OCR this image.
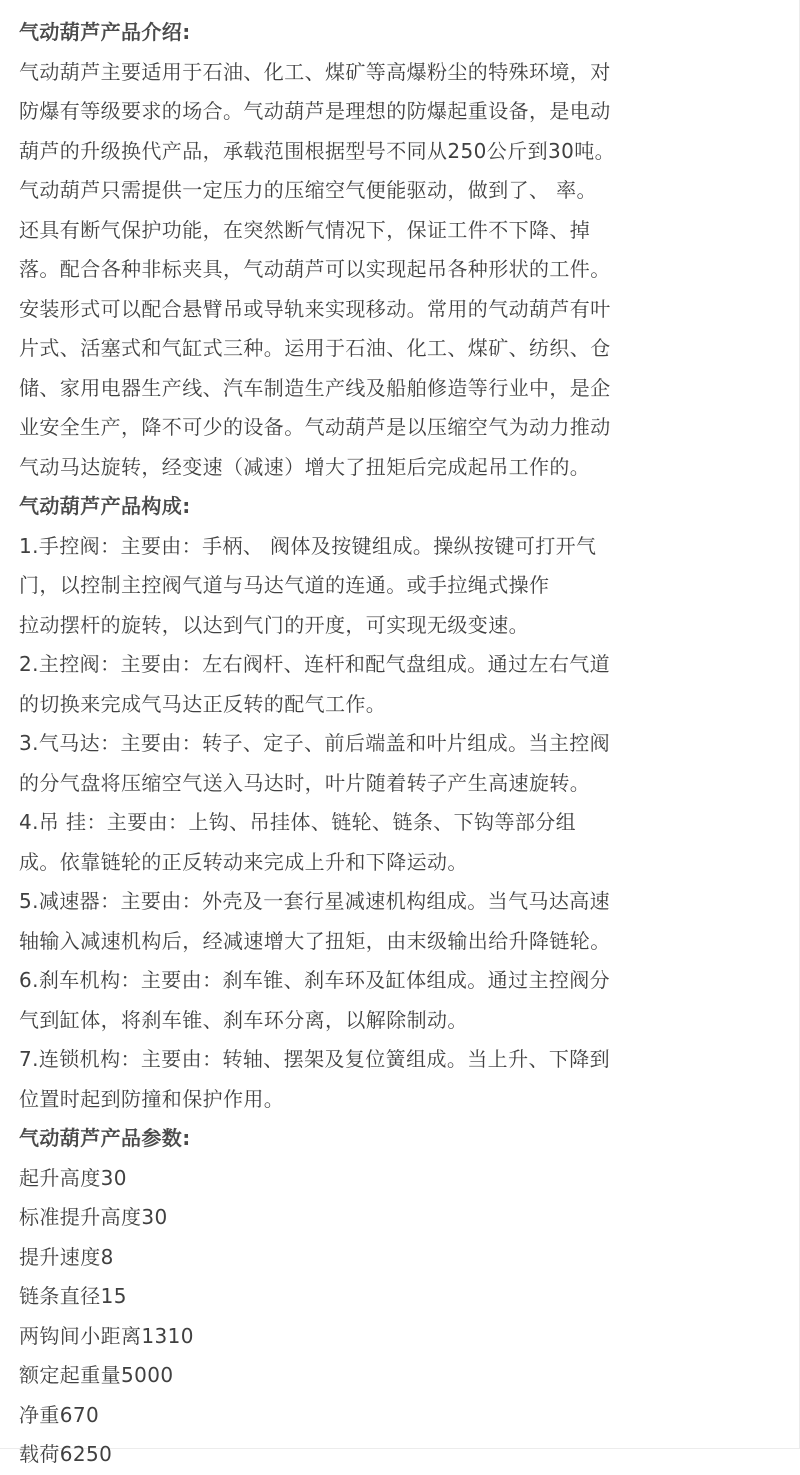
气动葫芦产品介绍:
气动葫芦主要适用于石油、化工、煤矿等高爆粉尘的特殊环境，对
防爆有等级要求的场合。气动葫芦是理想的防爆起重设备，是电动
葫芦的升级换代产品，承载范围根据型号不同从250公斤到30吨。
气动葫芦只需提供一定压力的压缩空气便能驱动，做到了、 率。
还具有断气保护功能，在突然断气情况下，保证工件不下降、掉
落。配合各种非标夹具，气动葫芦可以实现起吊各种形状的工件。
安装形式可以配合悬臂吊或导轨来实现移动。常用的气动葫芦有叶
片式、活塞式和气缸式三种。运用于石油、化工、煤矿、纺织、仓
储、家用电器生产线、汽车制造生产线及船舶修造等行业中，是企
业安全生产，降不可少的设备。气动葫芦是以压缩空气为动力推动
气动马达旋转，经变速（减速）增大了扭矩后完成起吊工作的。
气动葫芦产品构成:
1.手控阀：主要由：手柄、 阀体及按键组成。操纵按键可打开气
门，以控制主控阀气道与马达气道的连通。或手拉绳式操作
拉动摆杆的旋转，以达到气门的开度，可实现无级变速。
2.主控阀：主要由：左右阀杆、连杆和配气盘组成。通过左右气道
的切换来完成气马达正反转的配气工作。
3.气马达：主要由：转子、定子、前后端盖和叶片组成。当主控阀
的分气盘将压缩空气送入马达时，叶片随着转子产生高速旋转。
4.吊 挂：主要由：上钩、吊挂体、链轮、链条、下钩等部分组
成。依靠链轮的正反转动来完成上升和下降运动。
5.减速器：主要由：外壳及一套行星减速机构组成。当气马达高速
轴输入减速机构后，经减速增大了扭矩，由末级输出给升降链轮。
6.刹车机构：主要由：刹车锥、刹车环及缸体组成。通过主控阀分
气到缸体，将刹车锥、刹车环分离，以解除制动。
7.连锁机构：主要由：转轴、摆架及复位簧组成。当上升、下降到
位置时起到防撞和保护作用。
气动葫芦产品参数:
起升高度30
标准提升高度30
提升速度8
链条直径15
两钩间小距离1310
额定起重量5000
净重670
载荷6250
